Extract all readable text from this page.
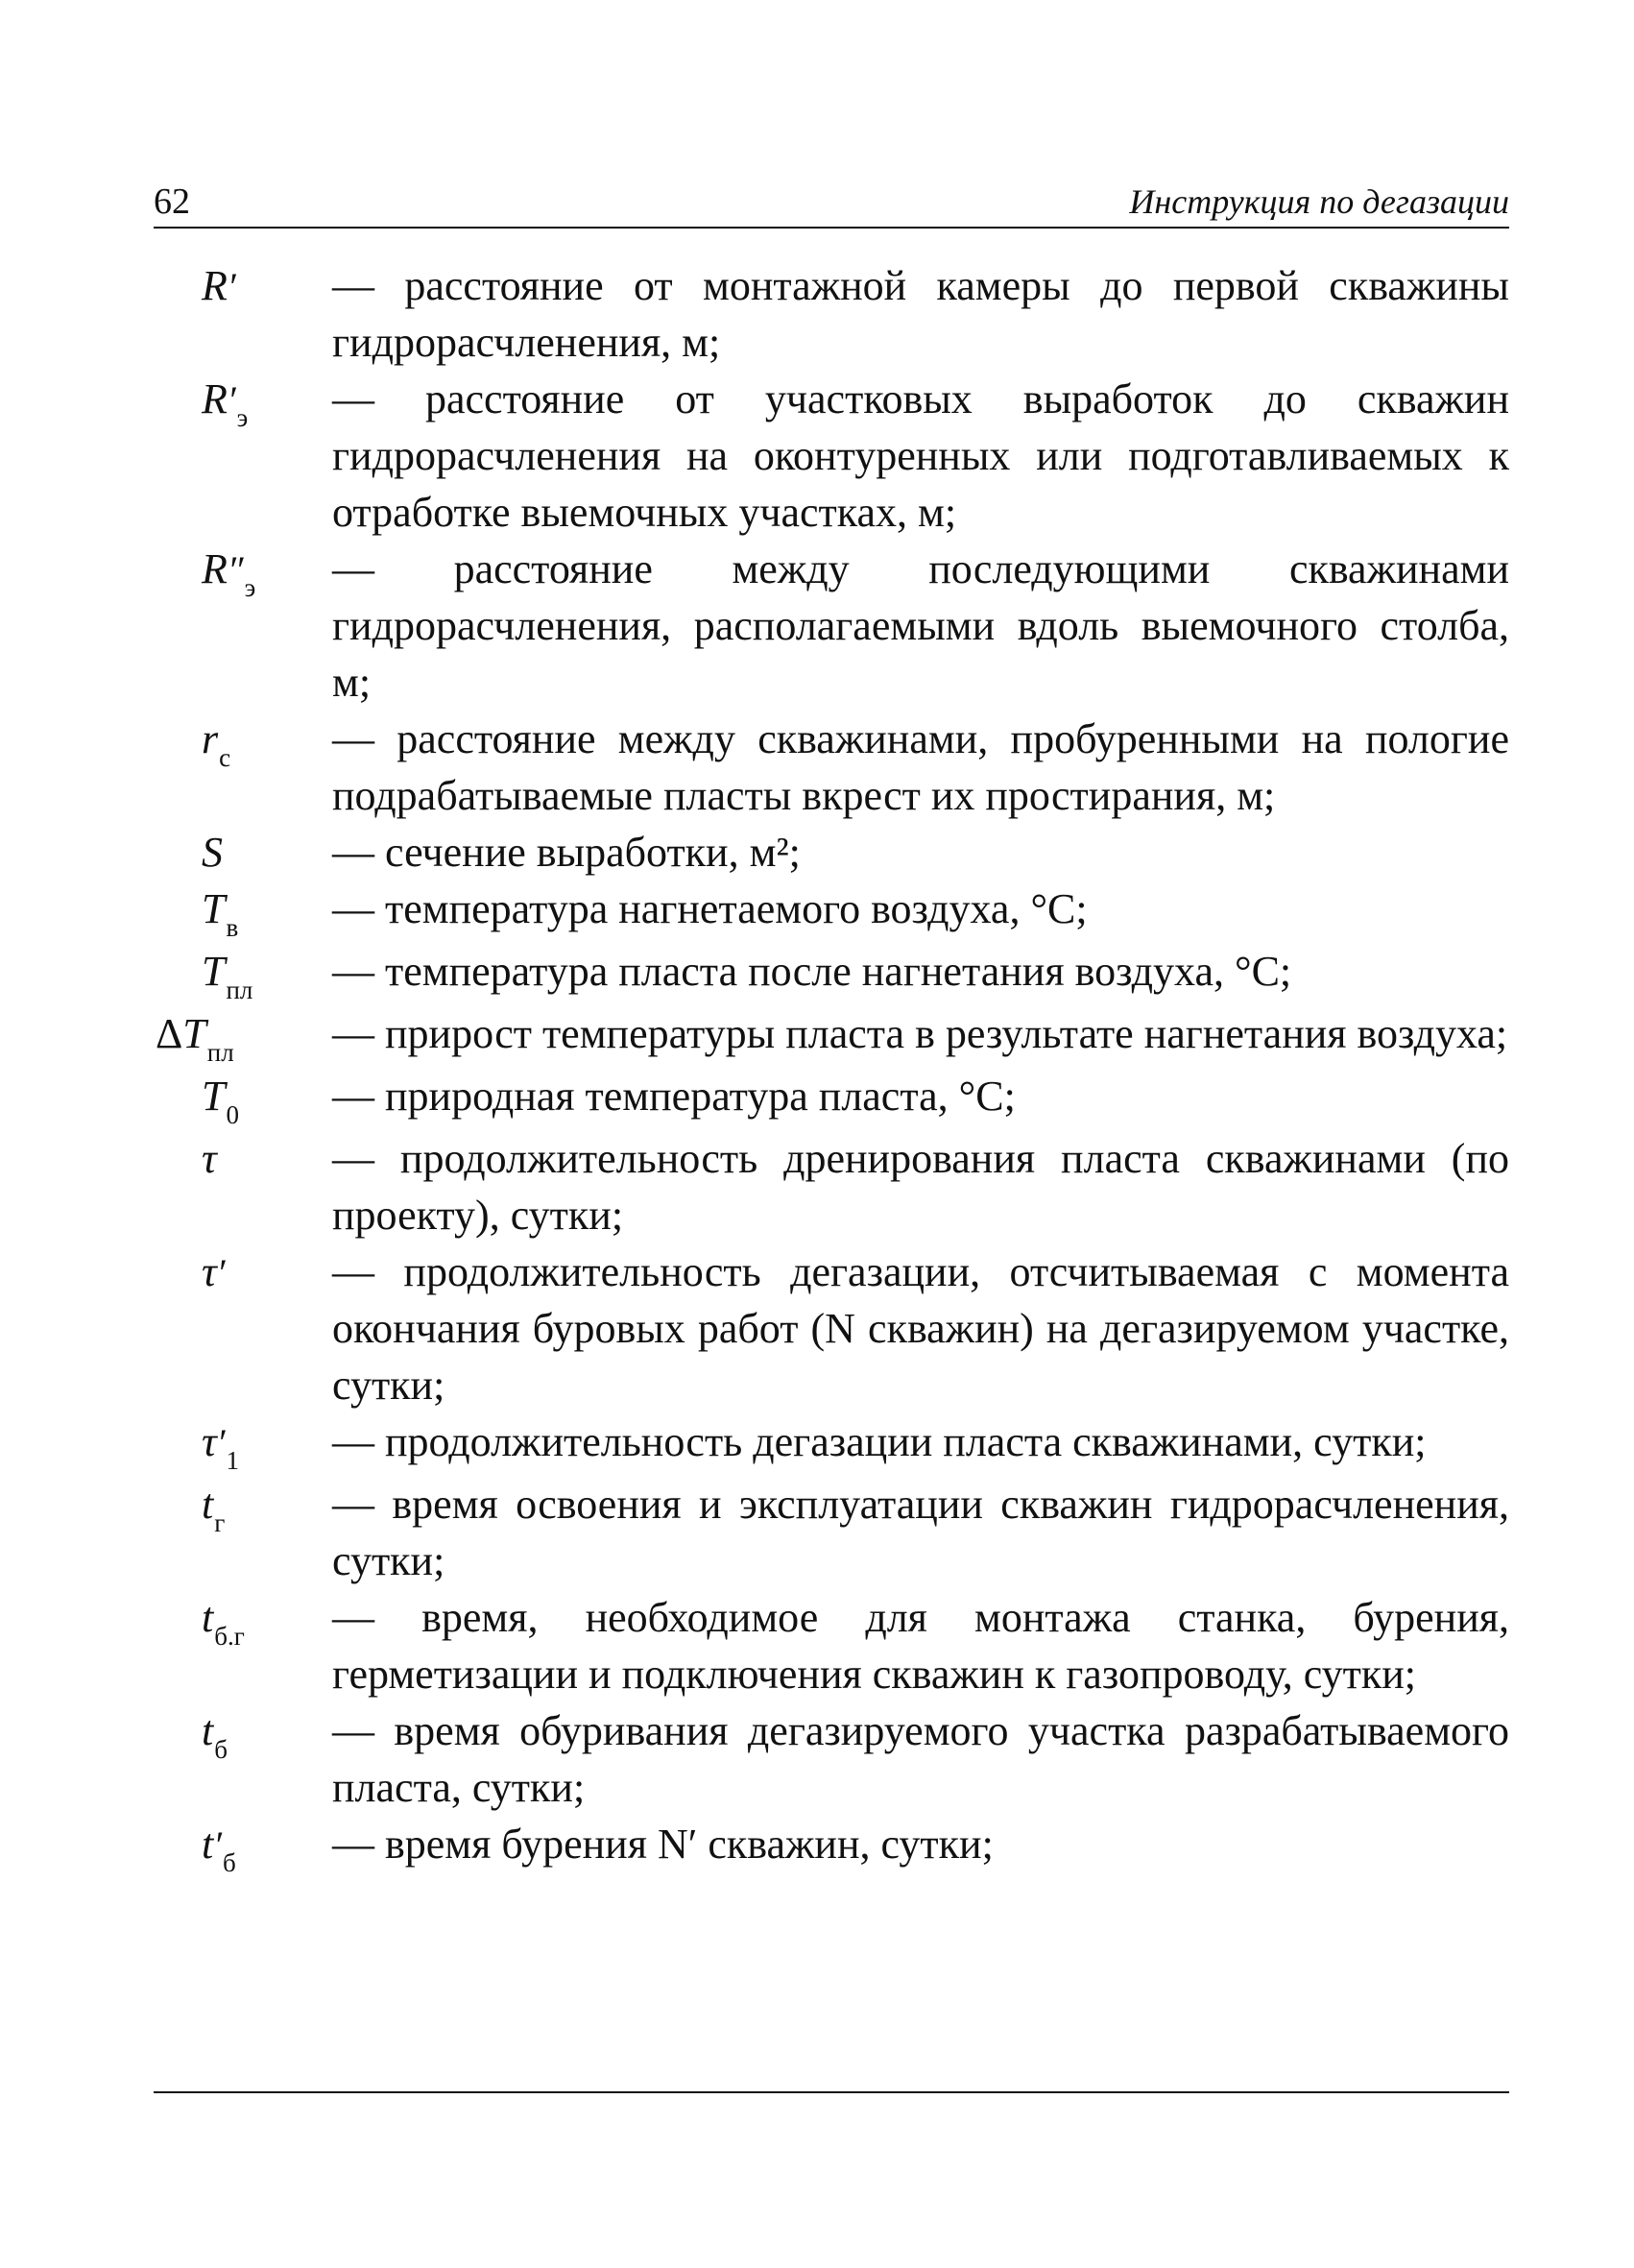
62	Инструкция по дегазации
R′	— расстояние от монтажной камеры до первой скважины гидрорасчленения, м;
$R'_э$	— расстояние от участковых выработок до скважин гидрорасчленения на оконтуренных или подготавливаемых к отработке выемочных участках, м;
$R''_э$	— расстояние между последующими скважинами гидрорасчленения, располагаемыми вдоль выемочного столба, м;
$r_c$	— расстояние между скважинами, пробуренными на пологие подрабатываемые пласты вкрест их простирания, м;
S	— сечение выработки, м²;
$T_в$	— температура нагнетаемого воздуха, °C;
$T_{пл}$	— температура пласта после нагнетания воздуха, °C;
$\Delta T_{пл}$	— прирост температуры пласта в результате нагнетания воздуха;
$T_0$	— природная температура пласта, °C;
τ	— продолжительность дренирования пласта скважинами (по проекту), сутки;
τ′	— продолжительность дегазации, отсчитываемая с момента окончания буровых работ (N скважин) на дегазируемом участке, сутки;
$\tau'_1$	— продолжительность дегазации пласта скважинами, сутки;
$t_г$	— время освоения и эксплуатации скважин гидрорасчленения, сутки;
$t_{б.г}$	— время, необходимое для монтажа станка, бурения, герметизации и подключения скважин к газопроводу, сутки;
$t_б$	— время обуривания дегазируемого участка разрабатываемого пласта, сутки;
$t'_б$	— время бурения N′ скважин, сутки;
